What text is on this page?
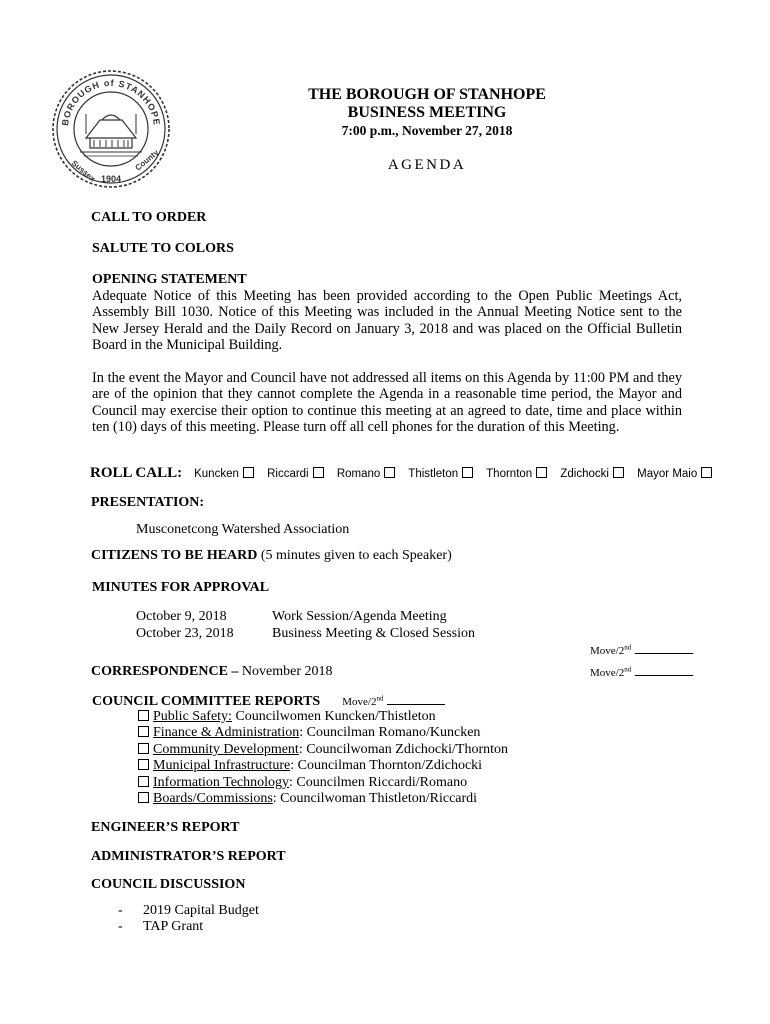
BOROUGH of STANHOPE
Sussex	County
1904
THE BOROUGH OF STANHOPE
BUSINESS MEETING
7:00 p.m., November 27, 2018
AGENDA
CALL TO ORDER
SALUTE TO COLORS
OPENING STATEMENT
Adequate Notice of this Meeting has been provided according to the Open Public Meetings Act, Assembly Bill 1030. Notice of this Meeting was included in the Annual Meeting Notice sent to the New Jersey Herald and the Daily Record on January 3, 2018 and was placed on the Official Bulletin Board in the Municipal Building.
In the event the Mayor and Council have not addressed all items on this Agenda by 11:00 PM and they are of the opinion that they cannot complete the Agenda in a reasonable time period, the Mayor and Council may exercise their option to continue this meeting at an agreed to date, time and place within ten (10) days of this meeting. Please turn off all cell phones for the duration of this Meeting.
ROLL CALL: Kuncken Riccardi Romano Thistleton Thornton Zdichocki Mayor Maio
PRESENTATION:
Musconetcong Watershed Association
CITIZENS TO BE HEARD (5 minutes given to each Speaker)
MINUTES FOR APPROVAL
October 9, 2018	Work Session/Agenda Meeting
October 23, 2018	Business Meeting & Closed Session
Move/2nd
CORRESPONDENCE – November 2018	Move/2nd
COUNCIL COMMITTEE REPORTS Move/2nd
Public Safety: Councilwomen Kuncken/Thistleton
Finance & Administration: Councilman Romano/Kuncken
Community Development: Councilwoman Zdichocki/Thornton
Municipal Infrastructure: Councilman Thornton/Zdichocki
Information Technology: Councilmen Riccardi/Romano
Boards/Commissions: Councilwoman Thistleton/Riccardi
ENGINEER’S REPORT
ADMINISTRATOR’S REPORT
COUNCIL DISCUSSION
- 2019 Capital Budget
- TAP Grant
